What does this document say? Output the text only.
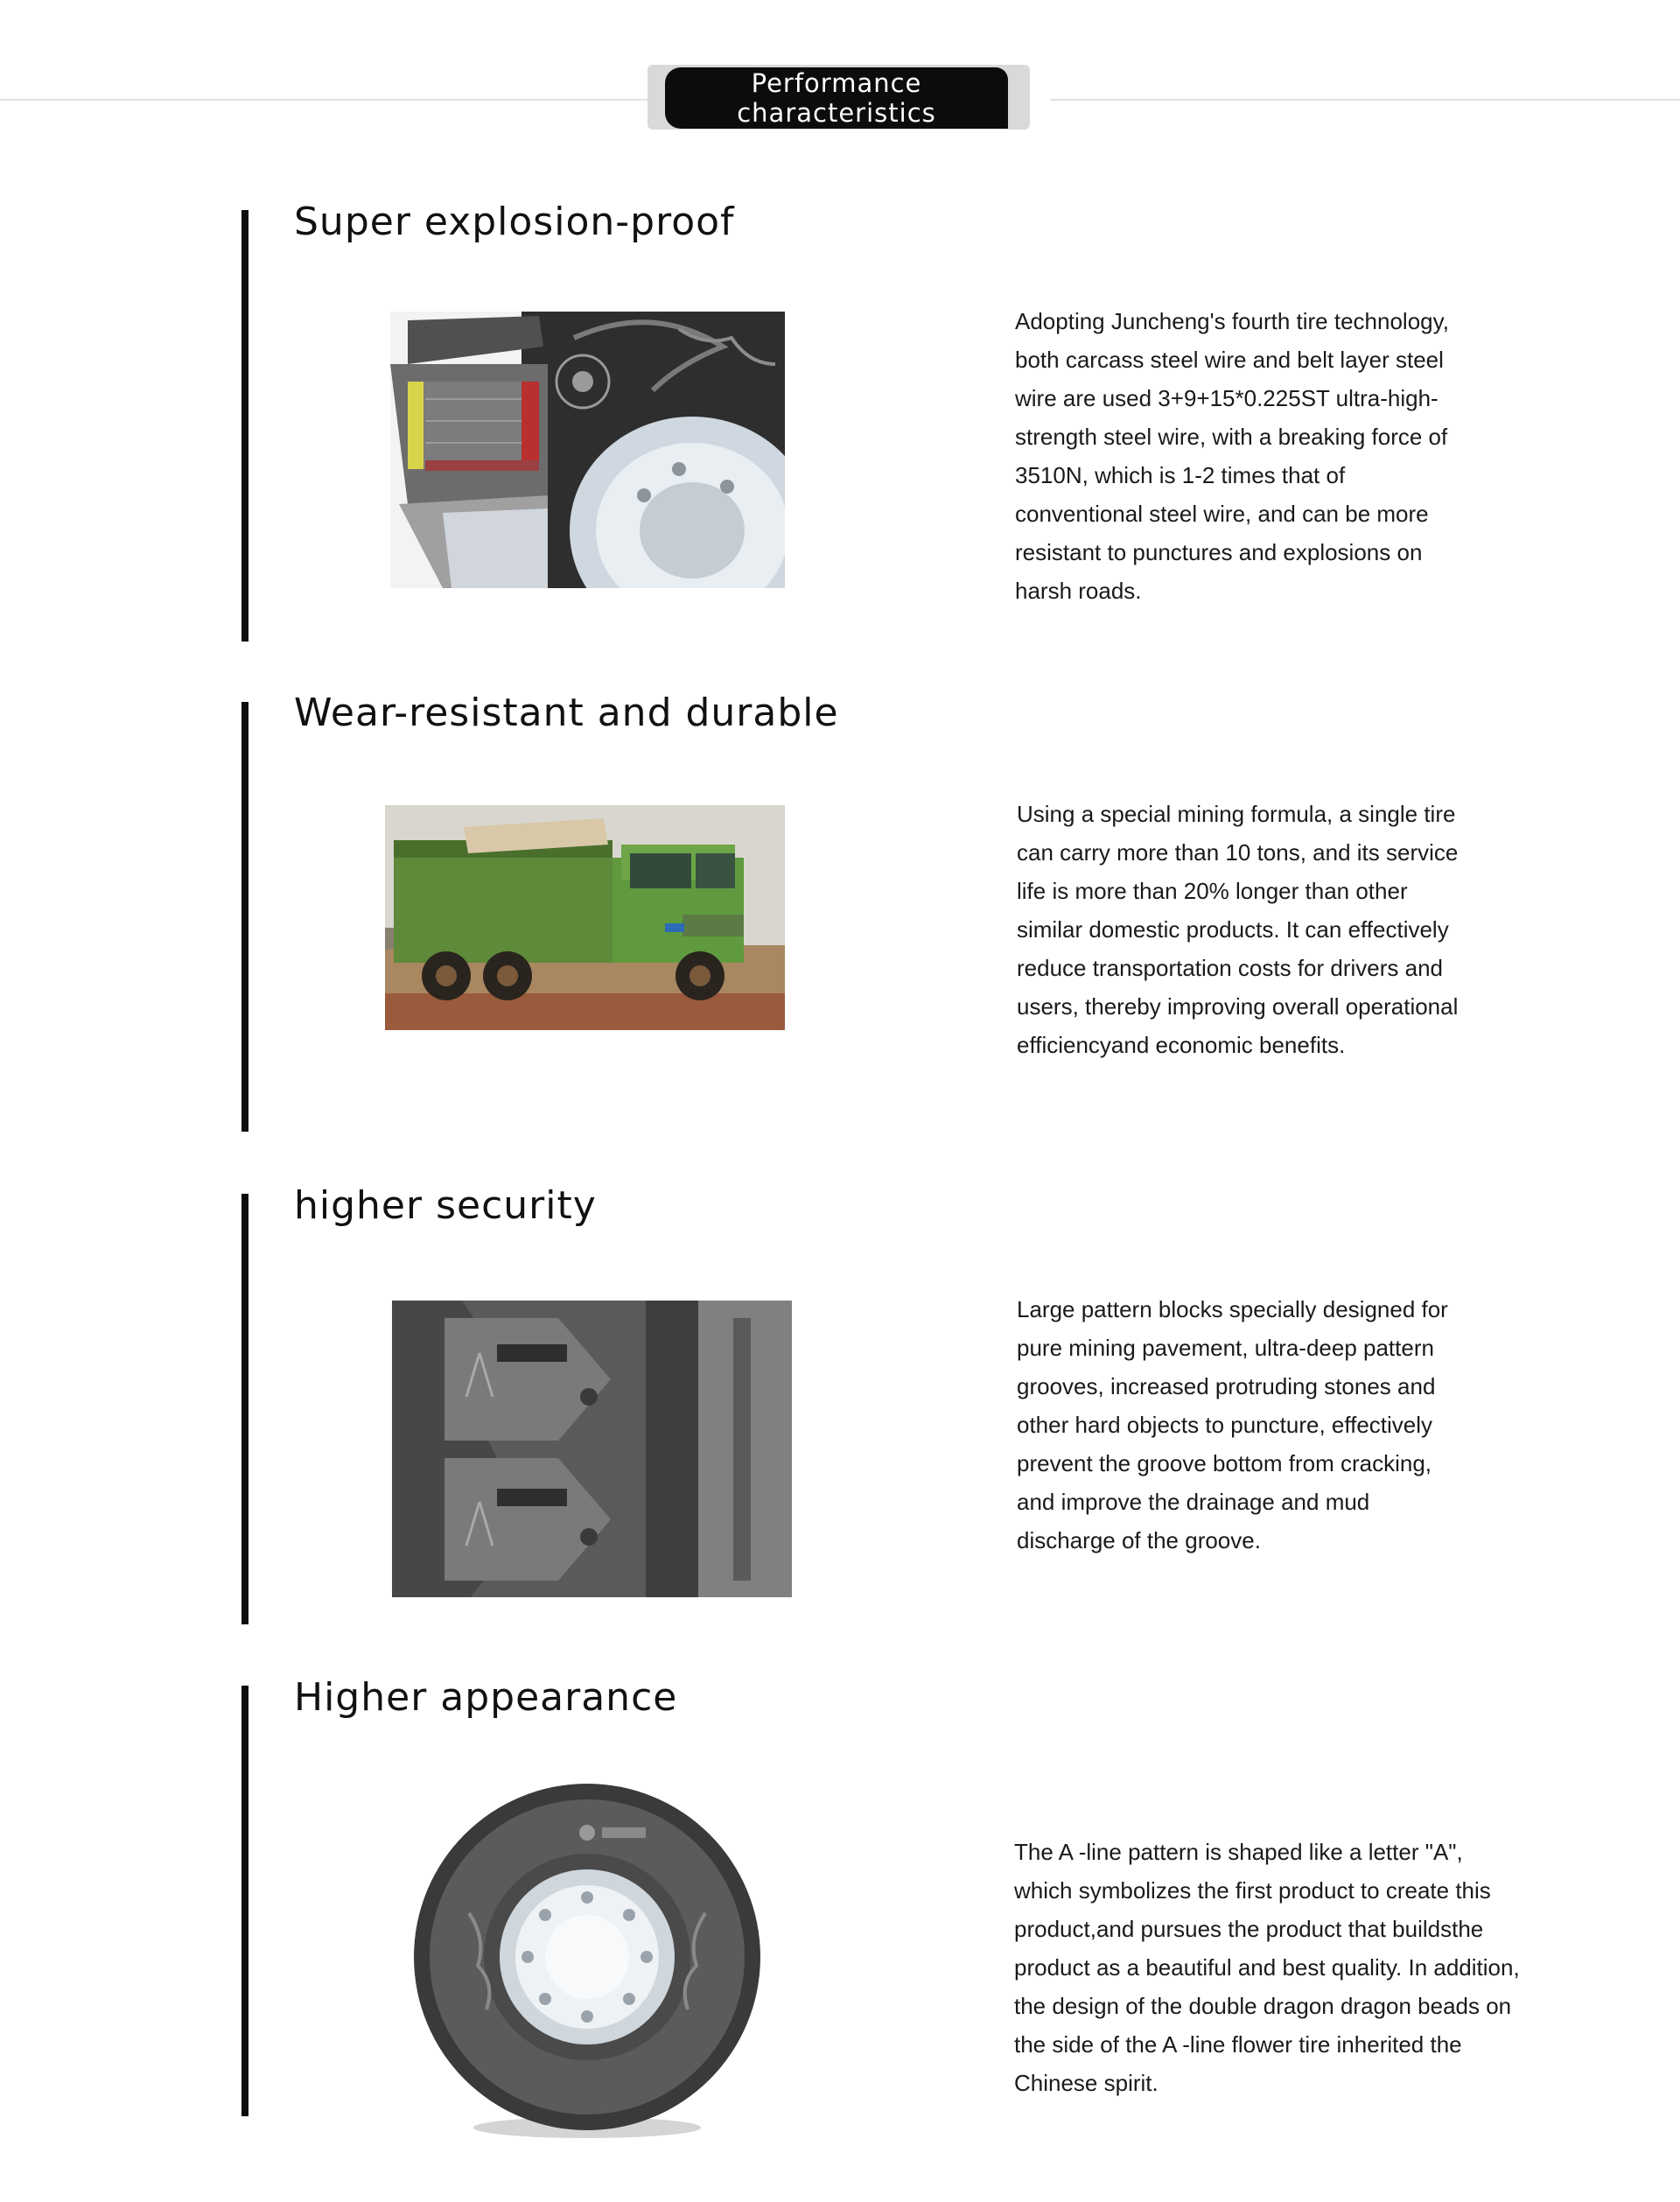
Performance
characteristics
Super explosion-proof

Adopting Juncheng's fourth tire technology, both carcass steel wire and belt layer steel wire are used 3+9+15*0.225ST ultra-high-strength steel wire, with a breaking force of 3510N, which is 1-2 times that of conventional steel wire, and can be more resistant to punctures and explosions on harsh roads.

Wear-resistant and durable

Using a special mining formula, a single tire can carry more than 10 tons, and its service life is more than 20% longer than other similar domestic products. It can effectively reduce transportation costs for drivers and users, thereby improving overall operational efficiencyand economic benefits.

higher security

Large pattern blocks specially designed for pure mining pavement, ultra-deep pattern grooves, increased protruding stones and other hard objects to puncture, effectively prevent the groove bottom from cracking, and improve the drainage and mud discharge of the groove.

Higher appearance

The A -line pattern is shaped like a letter "A", which symbolizes the first product to create this product,and pursues the product that buildsthe product as a beautiful and best quality. In addition, the design of the double dragon dragon beads on the side of the A -line flower tire inherited the Chinese spirit.
